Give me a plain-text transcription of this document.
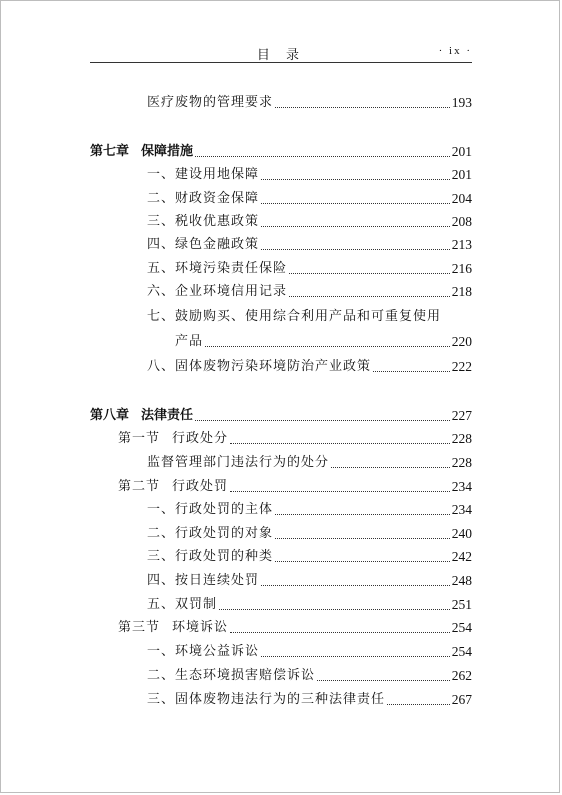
目 录	· ix ·
医疗废物的管理要求	193
第七章 保障措施	201
一、建设用地保障	201
二、财政资金保障	204
三、税收优惠政策	208
四、绿色金融政策	213
五、环境污染责任保险	216
六、企业环境信用记录	218
七、鼓励购买、使用综合利用产品和可重复使用
产品	220
八、固体废物污染环境防治产业政策	222
第八章 法律责任	227
第一节 行政处分	228
监督管理部门违法行为的处分	228
第二节 行政处罚	234
一、行政处罚的主体	234
二、行政处罚的对象	240
三、行政处罚的种类	242
四、按日连续处罚	248
五、双罚制	251
第三节 环境诉讼	254
一、环境公益诉讼	254
二、生态环境损害赔偿诉讼	262
三、固体废物违法行为的三种法律责任	267
